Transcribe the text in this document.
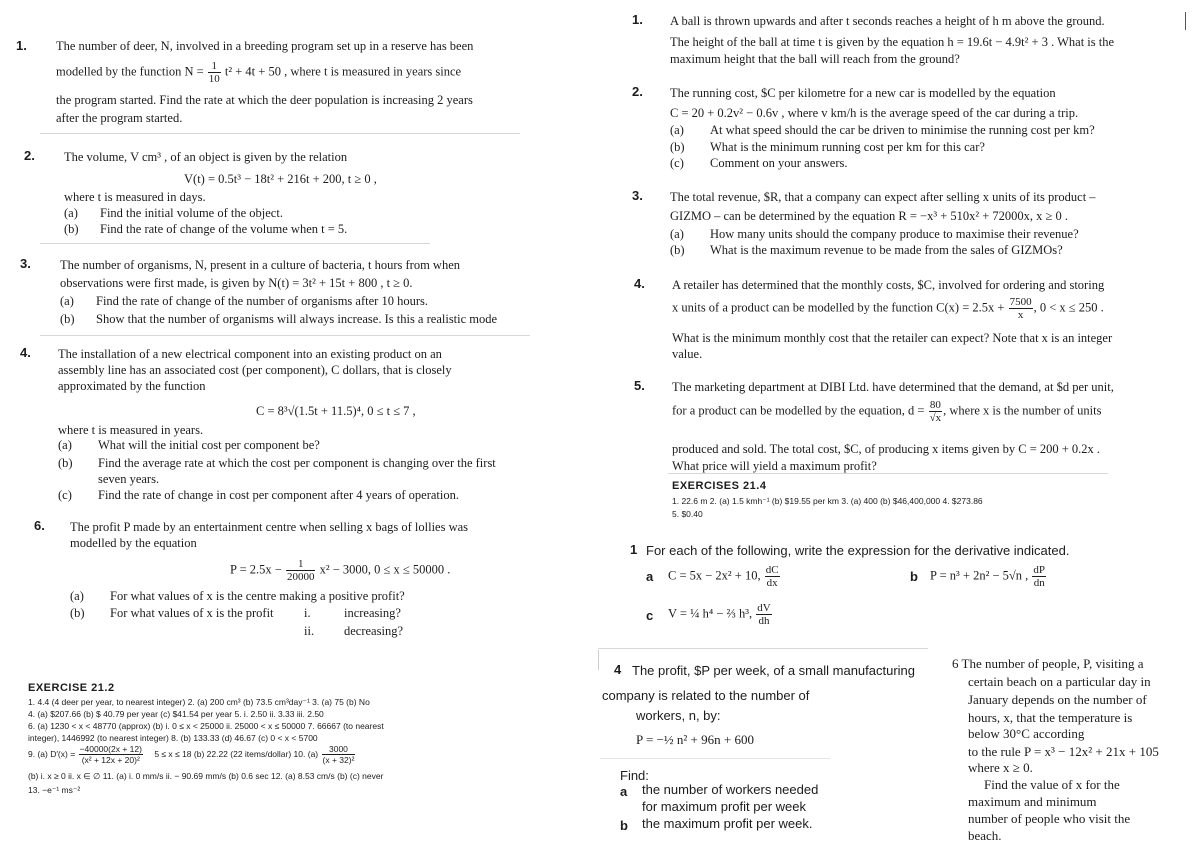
1. The number of deer, N, involved in a breeding program set up in a reserve has been
modelled by the function $N = \frac{1}{10} t^2 + 4t + 50$ , where t is measured in years since
the program started. Find the rate at which the deer population is increasing 2 years
after the program started.
2. The volume, V cm³ , of an object is given by the relation
V(t) = 0.5t³ − 18t² + 216t + 200, t ≥ 0 ,
where t is measured in days.
(a) Find the initial volume of the object.
(b) Find the rate of change of the volume when t = 5.
3. The number of organisms, N, present in a culture of bacteria, t hours from when
observations were first made, is given by N(t) = 3t² + 15t + 800 , t ≥ 0.
(a) Find the rate of change of the number of organisms after 10 hours.
(b) Show that the number of organisms will always increase. Is this a realistic mode
4. The installation of a new electrical component into an existing product on an
assembly line has an associated cost (per component), C dollars, that is closely
approximated by the function
C = 8³√(1.5t + 11.5)⁴, 0 ≤ t ≤ 7 ,
where t is measured in years.
(a) What will the initial cost per component be?
(b) Find the average rate at which the cost per component is changing over the first
seven years.
(c) Find the rate of change in cost per component after 4 years of operation.
6. The profit P made by an entertainment centre when selling x bags of lollies was
modelled by the equation
$P = 2.5x - \frac{1}{20000} x^2 - 3000$, 0 ≤ x ≤ 50000 .
(a) For what values of x is the centre making a positive profit?
(b) For what values of x is the profit i.	increasing?
ii. decreasing?
EXERCISE 21.2
1. 4.4 (4 deer per year, to nearest integer) 2. (a) 200 cm³ (b) 73.5 cm³day⁻¹ 3. (a) 75 (b) No
4. (a) $207.66 (b) $ 40.79 per year (c) $41.54 per year 5. i. 2.50 ii. 3.33 iii. 2.50
6. (a) 1230 < x < 48770 (approx) (b) i. 0 ≤ x < 25000 ii. 25000 < x ≤ 50000 7. 66667 (to nearest
integer), 1446992 (to nearest integer) 8. (b) 133.33 (d) 46.67 (c) 0 < x < 5700
9. (a) $D'(x) = \frac{-40000(2x + 12)}{\text{(x² + 12x + 20)²}} 5 \le x \le 18$ (b) 22.22 (22 items/dollar) 10. $(a) \frac{3000}{\text{(x + 32)²}}$
(b) i. x ≥ 0 ii. x ∈ ∅ 11. (a) i. 0 mm/s ii. − 90.69 mm/s (b) 0.6 sec 12. (a) 8.53 cm/s (b) (c) never
13. −e⁻¹ ms⁻²
1. A ball is thrown upwards and after t seconds reaches a height of h m above the ground.
The height of the ball at time t is given by the equation h = 19.6t − 4.9t² + 3 . What is the
maximum height that the ball will reach from the ground?
2. The running cost, $C per kilometre for a new car is modelled by the equation
C = 20 + 0.2v² − 0.6v , where v km/h is the average speed of the car during a trip.
(a) At what speed should the car be driven to minimise the running cost per km?
(b) What is the minimum running cost per km for this car?
(c) Comment on your answers.
3. The total revenue, $R, that a company can expect after selling x units of its product –
GIZMO – can be determined by the equation R = −x³ + 510x² + 72000x, x ≥ 0 .
(a) How many units should the company produce to maximise their revenue?
(b) What is the maximum revenue to be made from the sales of GIZMOs?
4. A retailer has determined that the monthly costs, $C, involved for ordering and storing
x units of a product can be modelled by the function $C(x) = 2.5x + \frac{7500}{x}$ , 0 < x ≤ 250 .
What is the minimum monthly cost that the retailer can expect? Note that x is an integer
value.
5. The marketing department at DIBI Ltd. have determined that the demand, at $d per unit,
for a product can be modelled by the equation, $d = \frac{80}{√x}$ , where x is the number of units
produced and sold. The total cost, $C, of producing x items given by C = 200 + 0.2x .
What price will yield a maximum profit?
EXERCISES 21.4
1. 22.6 m 2. (a) 1.5 kmh⁻¹ (b) $19.55 per km 3. (a) 400 (b) $46,400,000 4. $273.86
5. $0.40
1 For each of the following, write the expression for the derivative indicated.
a C = 5x − 2x² + 10, $\frac{dC}{dx}$	b P = n³ + 2n² − 5√n , $\frac{dP}{dn}$
c V = ¼ h⁴ − ⅔ h³, $\frac{dV}{dh}$
4 The profit, $P per week, of a small manufacturing
company is related to the number of
workers, n, by:
P = −½ n² + 96n + 600
Find:
a the number of workers needed
for maximum profit per week
b the maximum profit per week.
6 The number of people, P, visiting a
certain beach on a particular day in
January depends on the number of
hours, x, that the temperature is
below 30°C according
to the rule P = x³ − 12x² + 21x + 105
where x ≥ 0.
Find the value of x for the
maximum and minimum
number of people who visit the
beach.
